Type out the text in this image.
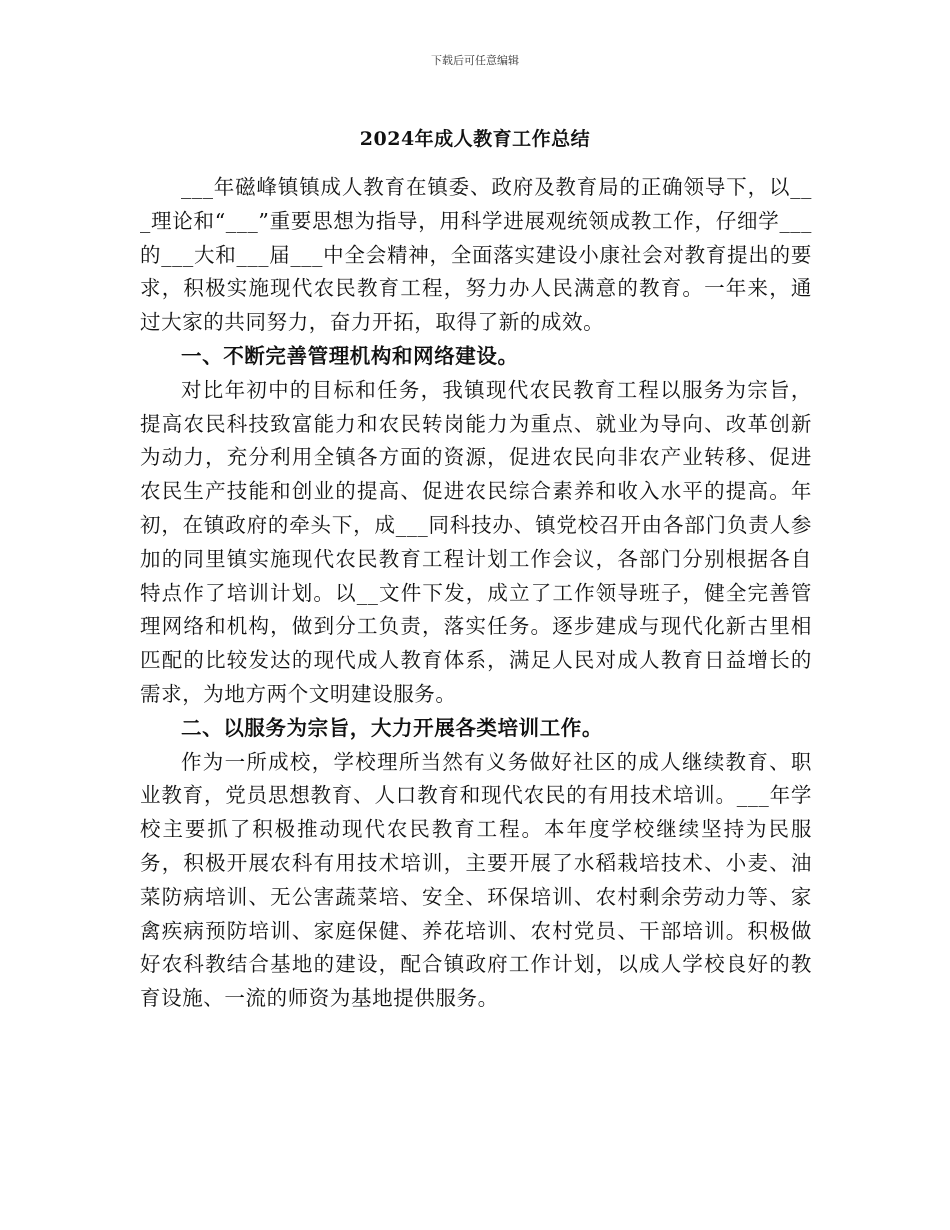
下载后可任意编辑
2024年成人教育工作总结

___年磁峰镇镇成人教育在镇委、政府及教育局的正确领导下，以___理论和“___”重要思想为指导，用科学进展观统领成教工作，仔细学___的___大和___届___中全会精神，全面落实建设小康社会对教育提出的要求，积极实施现代农民教育工程，努力办人民满意的教育。一年来，通过大家的共同努力，奋力开拓，取得了新的成效。

一、不断完善管理机构和网络建设。

对比年初中的目标和任务，我镇现代农民教育工程以服务为宗旨，提高农民科技致富能力和农民转岗能力为重点、就业为导向、改革创新为动力，充分利用全镇各方面的资源，促进农民向非农产业转移、促进农民生产技能和创业的提高、促进农民综合素养和收入水平的提高。年初，在镇政府的牵头下，成___同科技办、镇党校召开由各部门负责人参加的同里镇实施现代农民教育工程计划工作会议，各部门分别根据各自特点作了培训计划。以__文件下发，成立了工作领导班子，健全完善管理网络和机构，做到分工负责，落实任务。逐步建成与现代化新古里相匹配的比较发达的现代成人教育体系，满足人民对成人教育日益增长的需求，为地方两个文明建设服务。

二、以服务为宗旨，大力开展各类培训工作。

作为一所成校，学校理所当然有义务做好社区的成人继续教育、职业教育，党员思想教育、人口教育和现代农民的有用技术培训。___年学校主要抓了积极推动现代农民教育工程。本年度学校继续坚持为民服务，积极开展农科有用技术培训，主要开展了水稻栽培技术、小麦、油菜防病培训、无公害蔬菜培、安全、环保培训、农村剩余劳动力等、家禽疾病预防培训、家庭保健、养花培训、农村党员、干部培训。积极做好农科教结合基地的建设，配合镇政府工作计划，以成人学校良好的教育设施、一流的师资为基地提供服务。
